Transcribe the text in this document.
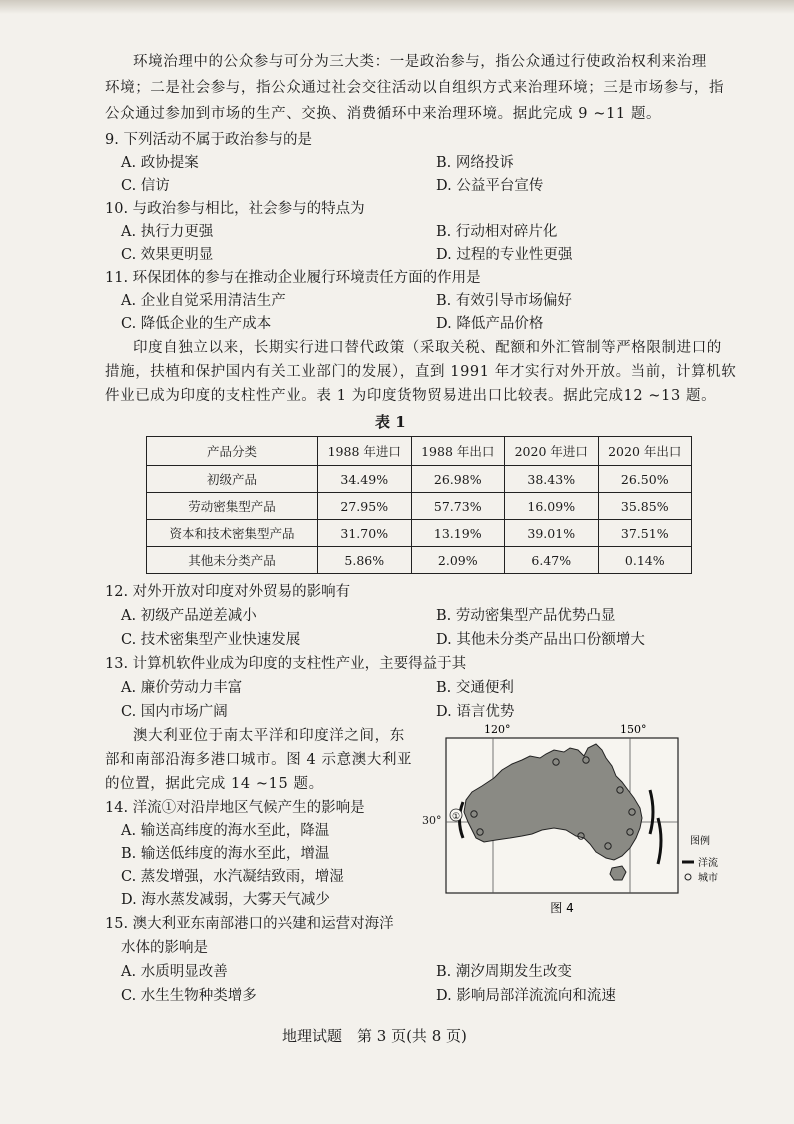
环境治理中的公众参与可分为三大类：一是政治参与，指公众通过行使政治权利来治理
环境；二是社会参与，指公众通过社会交往活动以自组织方式来治理环境；三是市场参与，指
公众通过参加到市场的生产、交换、消费循环中来治理环境。据此完成 9 ~11 题。
9. 下列活动不属于政治参与的是
A. 政协提案	B. 网络投诉
C. 信访	D. 公益平台宣传
10. 与政治参与相比，社会参与的特点为
A. 执行力更强	B. 行动相对碎片化
C. 效果更明显	D. 过程的专业性更强
11. 环保团体的参与在推动企业履行环境责任方面的作用是
A. 企业自觉采用清洁生产	B. 有效引导市场偏好
C. 降低企业的生产成本	D. 降低产品价格
印度自独立以来，长期实行进口替代政策（采取关税、配额和外汇管制等严格限制进口的
措施，扶植和保护国内有关工业部门的发展），直到 1991 年才实行对外开放。当前，计算机软
件业已成为印度的支柱性产业。表 1 为印度货物贸易进出口比较表。据此完成12 ~13 题。
表 1
产品分类	1988 年进口	1988 年出口	2020 年进口	2020 年出口
初级产品	34.49%	26.98%	38.43%	26.50%
劳动密集型产品	27.95%	57.73%	16.09%	35.85%
资本和技术密集型产品	31.70%	13.19%	39.01%	37.51%
其他未分类产品	5.86%	2.09%	6.47%	0.14%
12. 对外开放对印度对外贸易的影响有
A. 初级产品逆差减小	B. 劳动密集型产品优势凸显
C. 技术密集型产业快速发展	D. 其他未分类产品出口份额增大
13. 计算机软件业成为印度的支柱性产业，主要得益于其
A. 廉价劳动力丰富	B. 交通便利
C. 国内市场广阔	D. 语言优势
澳大利亚位于南太平洋和印度洋之间，东
部和南部沿海多港口城市。图 4 示意澳大利亚
的位置，据此完成 14 ~15 题。
14. 洋流①对沿岸地区气候产生的影响是
A. 输送高纬度的海水至此，降温
B. 输送低纬度的海水至此，增温
C. 蒸发增强，水汽凝结致雨，增湿
D. 海水蒸发减弱，大雾天气减少
15. 澳大利亚东南部港口的兴建和运营对海洋
水体的影响是
A. 水质明显改善	B. 潮汐周期发生改变
C. 水生生物种类增多	D. 影响局部洋流流向和流速
①
120°	150°
图例
洋流
城市
图 4
30°
地理试题　第 3 页(共 8 页)
